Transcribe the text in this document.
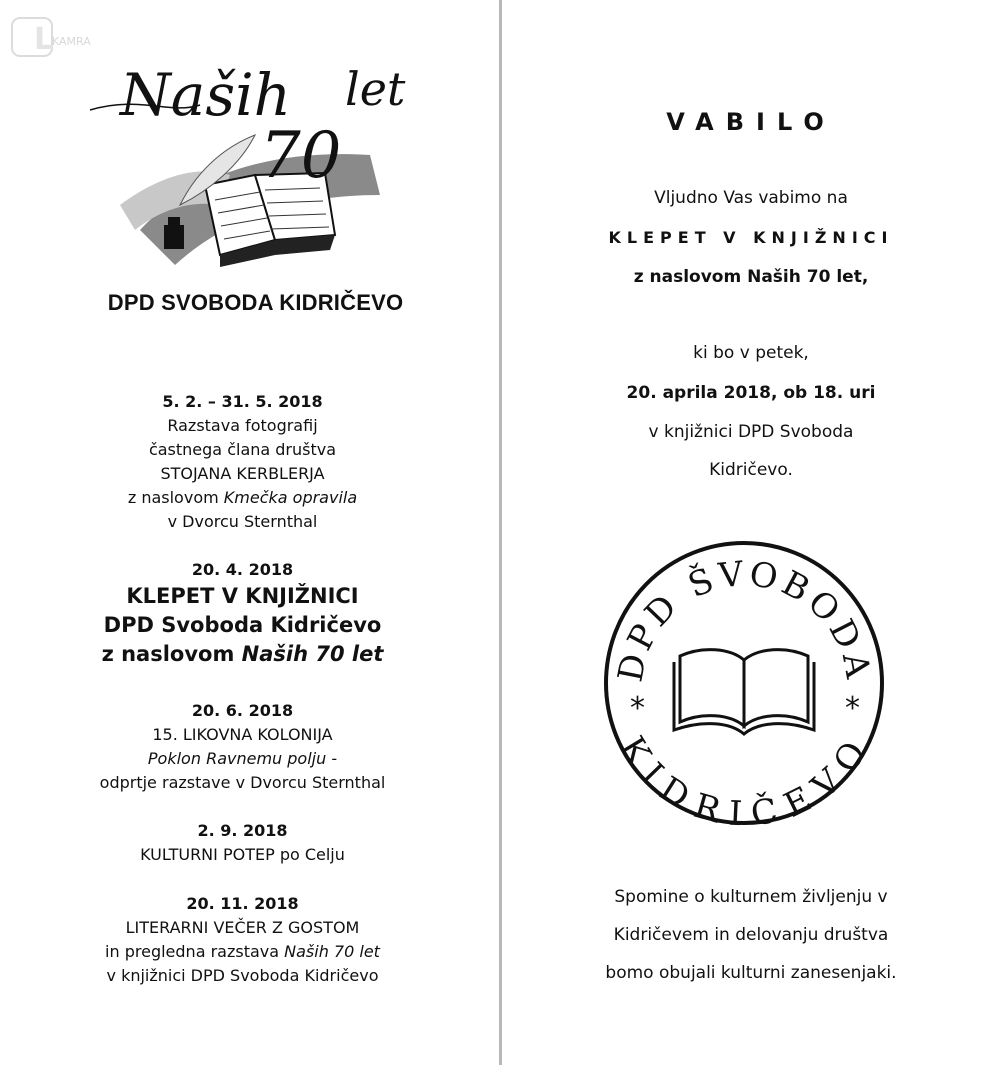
L
KAMRA
Naših let
70
DPD SVOBODA KIDRIČEVO
5. 2. – 31. 5. 2018
Razstava fotografij
častnega člana društva
STOJANA KERBLERJA
z naslovom Kmečka opravila
v Dvorcu Sternthal
20. 4. 2018
KLEPET V KNJIŽNICI
DPD Svoboda Kidričevo
z naslovom Naših 70 let
20. 6. 2018
15. LIKOVNA KOLONIJA
Poklon Ravnemu polju -
odprtje razstave v Dvorcu Sternthal
2. 9. 2018
KULTURNI POTEP po Celju
20. 11. 2018
LITERARNI VEČER Z GOSTOM
in pregledna razstava Naših 70 let
v knjižnici DPD Svoboda Kidričevo
VABILO
Vljudno Vas vabimo na
KLEPET V KNJIŽNICI
z naslovom Naših 70 let,
ki bo v petek,
20. aprila 2018, ob 18. uri
v knjižnici DPD Svoboda
Kidričevo.
DPD ŠVOBODA
KIDRIČEVO
*	*
Spomine o kulturnem življenju v
Kidričevem in delovanju društva
bomo obujali kulturni zanesenjaki.
